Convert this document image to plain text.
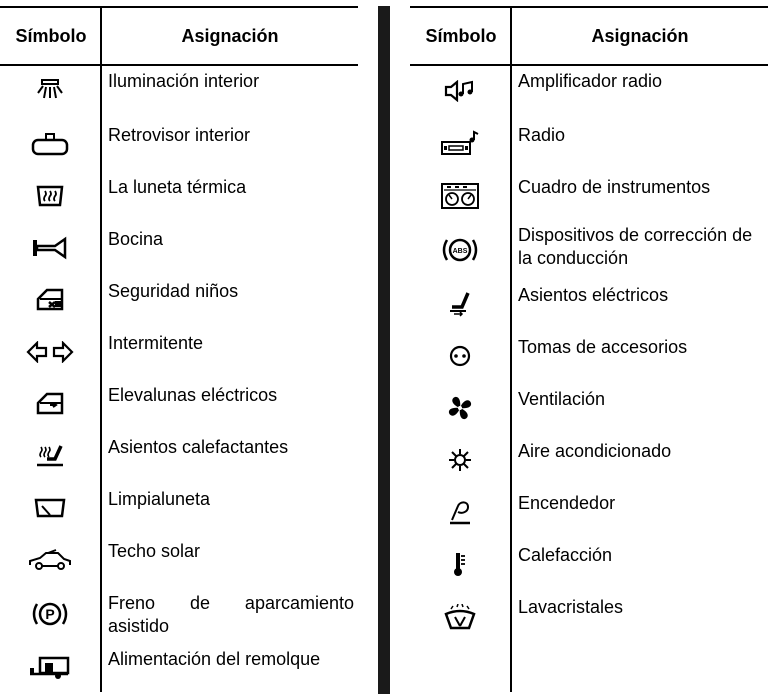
Símbolo	Asignación
Iluminación interior
Retrovisor interior
La luneta térmica
Bocina
Seguridad niños
Intermitente
Elevalunas eléctricos
Asientos calefactantes
Limpialuneta
Techo solar
P
Freno de aparcamiento asistido
Alimentación del remolque
Símbolo	Asignación
Amplificador radio
Radio
Cuadro de instrumentos
ABS
Dispositivos de corrección de la conducción
Asientos eléctricos
Tomas de accesorios
Ventilación
Aire acondicionado
Encendedor
Calefacción
Lavacristales
